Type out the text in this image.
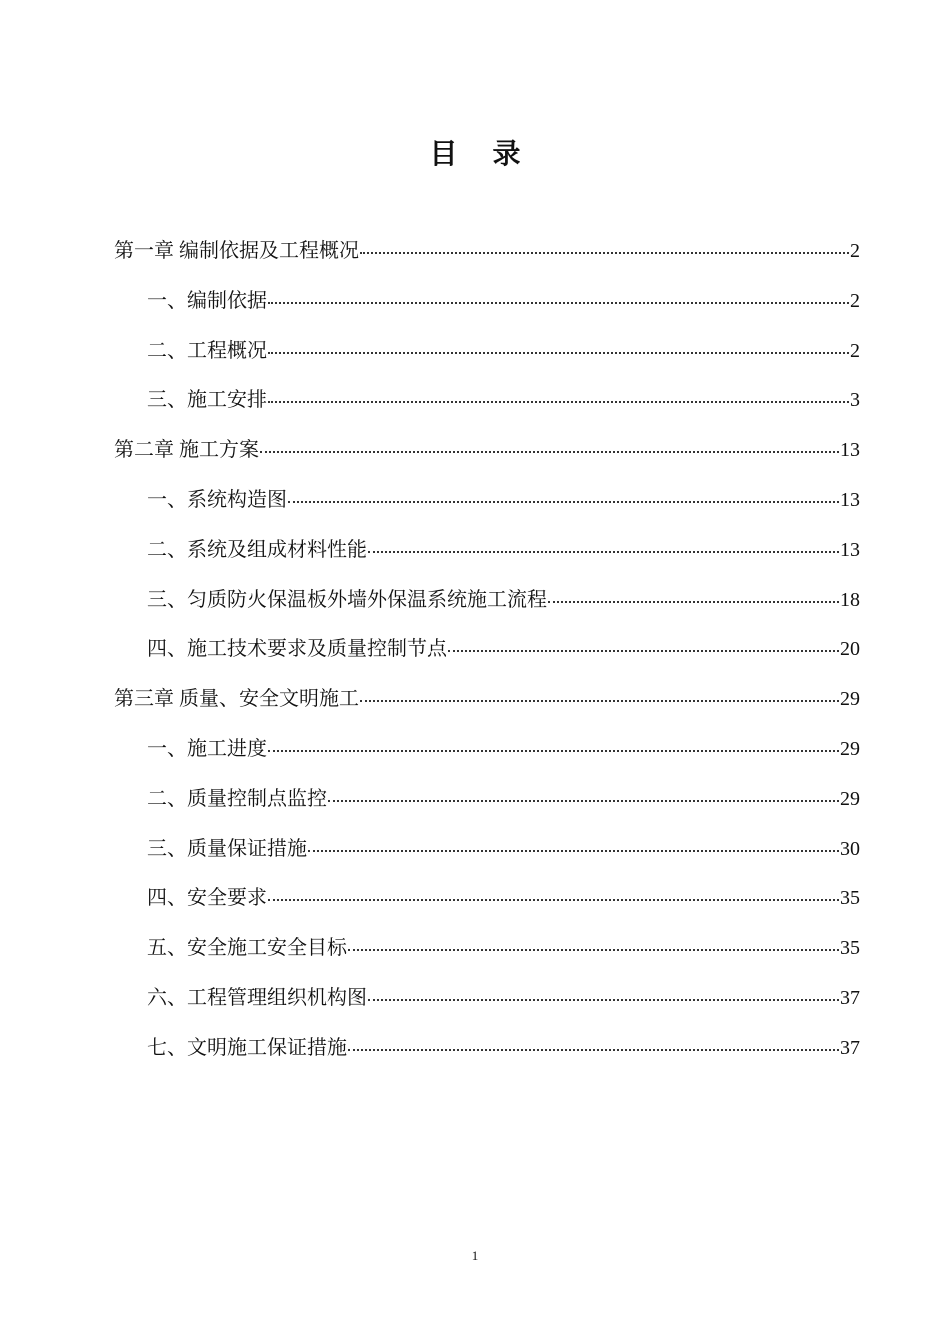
目 录
第一章 编制依据及工程概况	2
一、编制依据	2
二、工程概况	2
三、施工安排	3
第二章 施工方案	13
一、系统构造图	13
二、系统及组成材料性能	13
三、匀质防火保温板外墙外保温系统施工流程	18
四、施工技术要求及质量控制节点	20
第三章 质量、安全文明施工	29
一、施工进度	29
二、质量控制点监控	29
三、质量保证措施	30
四、安全要求	35
五、安全施工安全目标	35
六、工程管理组织机构图	37
七、文明施工保证措施	37
1
